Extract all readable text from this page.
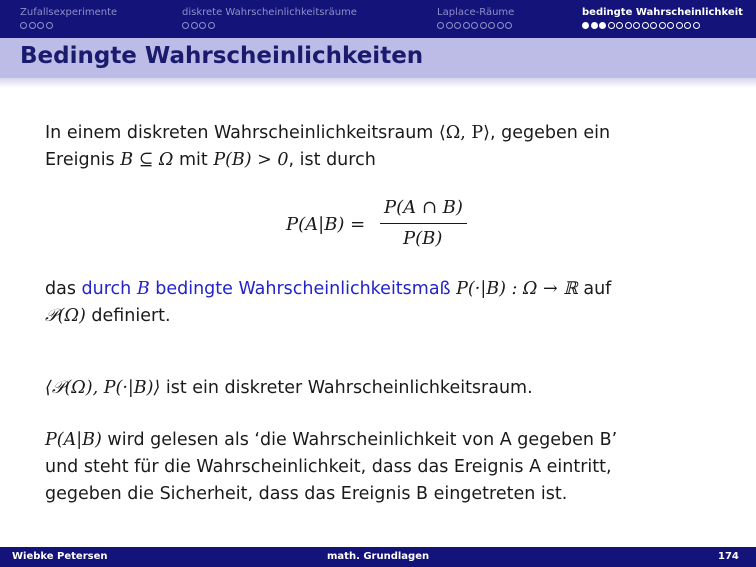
Zufallsexperimente	diskrete Wahrscheinlichkeitsräume	Laplace-Räume	bedingte Wahrscheinlichkeit
Bedingte Wahrscheinlichkeiten
In einem diskreten Wahrscheinlichkeitsraum ⟨Ω, P⟩, gegeben ein
Ereignis B ⊆ Ω mit P(B) > 0, ist durch
P(A|B) =
P(A ∩ B)
P(B)
das durch B bedingte Wahrscheinlichkeitsmaß P(·|B) : Ω → ℝ auf
𝒫(Ω) definiert.
⟨𝒫(Ω), P(·|B)⟩ ist ein diskreter Wahrscheinlichkeitsraum.
P(A|B) wird gelesen als ‘die Wahrscheinlichkeit von A gegeben B’
und steht für die Wahrscheinlichkeit, dass das Ereignis A eintritt,
gegeben die Sicherheit, dass das Ereignis B eingetreten ist.
Wiebke Petersen	math. Grundlagen	174
